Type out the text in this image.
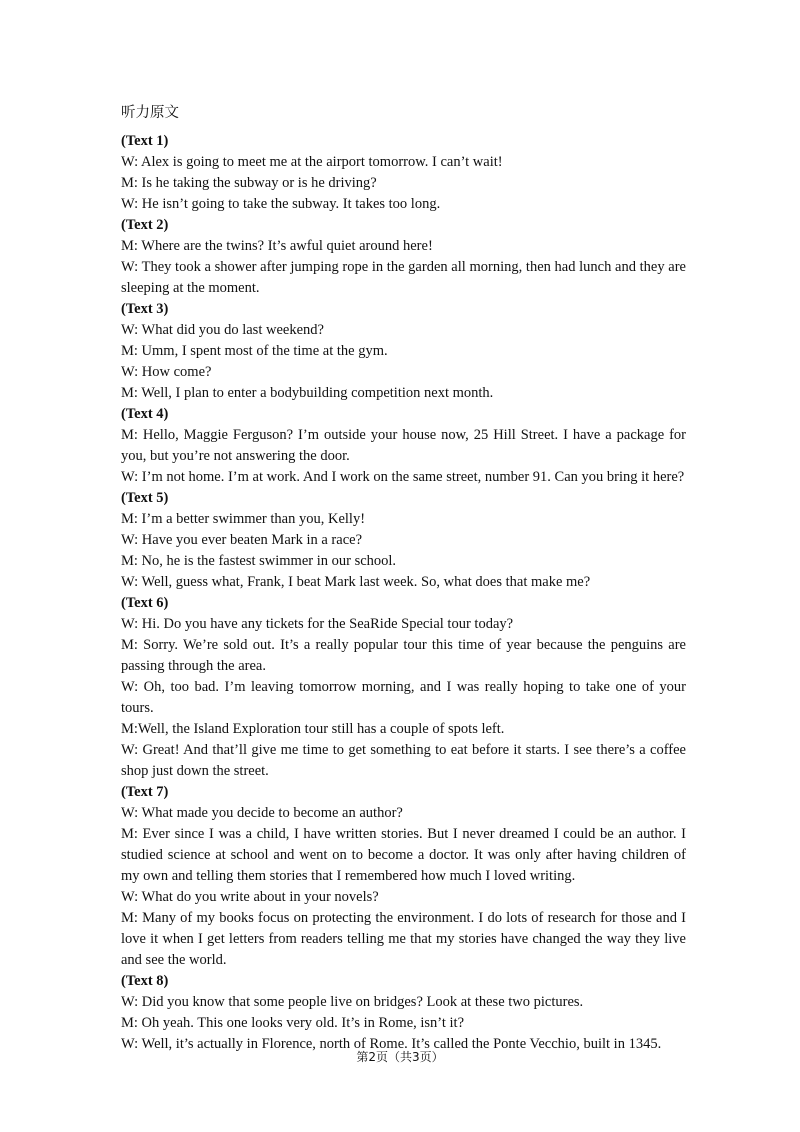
听力原文
(Text 1)
W: Alex is going to meet me at the airport tomorrow. I can’t wait!
M: Is he taking the subway or is he driving?
W: He isn’t going to take the subway. It takes too long.
(Text 2)
M: Where are the twins? It’s awful quiet around here!
W: They took a shower after jumping rope in the garden all morning, then had lunch and they are sleeping at the moment.
(Text 3)
W: What did you do last weekend?
M: Umm, I spent most of the time at the gym.
W: How come?
M: Well, I plan to enter a bodybuilding competition next month.
(Text 4)
M: Hello, Maggie Ferguson? I’m outside your house now, 25 Hill Street. I have a package for you, but you’re not answering the door.
W: I’m not home. I’m at work. And I work on the same street, number 91. Can you bring it here?
(Text 5)
M: I’m a better swimmer than you, Kelly!
W: Have you ever beaten Mark in a race?
M: No, he is the fastest swimmer in our school.
W: Well, guess what, Frank, I beat Mark last week. So, what does that make me?
(Text 6)
W: Hi. Do you have any tickets for the SeaRide Special tour today?
M: Sorry. We’re sold out. It’s a really popular tour this time of year because the penguins are passing through the area.
W: Oh, too bad. I’m leaving tomorrow morning, and I was really hoping to take one of your tours.
M:Well, the Island Exploration tour still has a couple of spots left.
W: Great! And that’ll give me time to get something to eat before it starts. I see there’s a coffee shop just down the street.
(Text 7)
W: What made you decide to become an author?
M: Ever since I was a child, I have written stories. But I never dreamed I could be an author. I studied science at school and went on to become a doctor. It was only after having children of my own and telling them stories that I remembered how much I loved writing.
W: What do you write about in your novels?
M: Many of my books focus on protecting the environment. I do lots of research for those and I love it when I get letters from readers telling me that my stories have changed the way they live and see the world.
(Text 8)
W: Did you know that some people live on bridges? Look at these two pictures.
M: Oh yeah. This one looks very old. It’s in Rome, isn’t it?
W: Well, it’s actually in Florence, north of Rome. It’s called the Ponte Vecchio, built in 1345.
第2页（共3页）
